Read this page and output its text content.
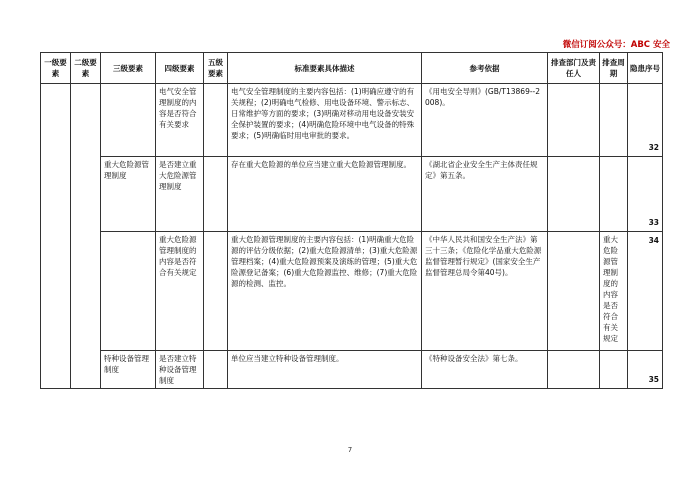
微信订阅公众号：ABC 安全
一级要素	二级要素	三级要素	四级要素	五级要素	标准要素具体描述	参考依据	排查部门及责任人	排查周期	隐患序号
			电气安全管理制度的内容是否符合有关要求		电气安全管理制度的主要内容包括：(1)明确应遵守的有关规程；(2)明确电气检修、用电设备环境、警示标志、日常维护等方面的要求；(3)明确对移动用电设备安装安全保护装置的要求；(4)明确危险环境中电气设备的特殊要求；(5)明确临时用电审批的要求。	《用电安全导则》(GB/T13869--2008)。			32
		重大危险源管理制度	是否建立重大危险源管理制度		存在重大危险源的单位应当建立重大危险源管理制度。	《湖北省企业安全生产主体责任规定》第五条。			33
			重大危险源管理制度的内容是否符合有关规定		重大危险源管理制度的主要内容包括：(1)明确重大危险源的评估分级依据；(2)重大危险源清单；(3)重大危险源管理档案；(4)重大危险源预案及演练的管理；(5)重大危险源登记备案；(6)重大危险源监控、维修；(7)重大危险源的检测、监控。	《中华人民共和国安全生产法》第三十三条；《危险化学品重大危险源监督管理暂行规定》(国家安全生产监督管理总局令第40号)。		重大危险源管理制度的内容是否符合有关规定	34
		特种设备管理制度	是否建立特种设备管理制度		单位应当建立特种设备管理制度。	《特种设备安全法》第七条。			35
7
